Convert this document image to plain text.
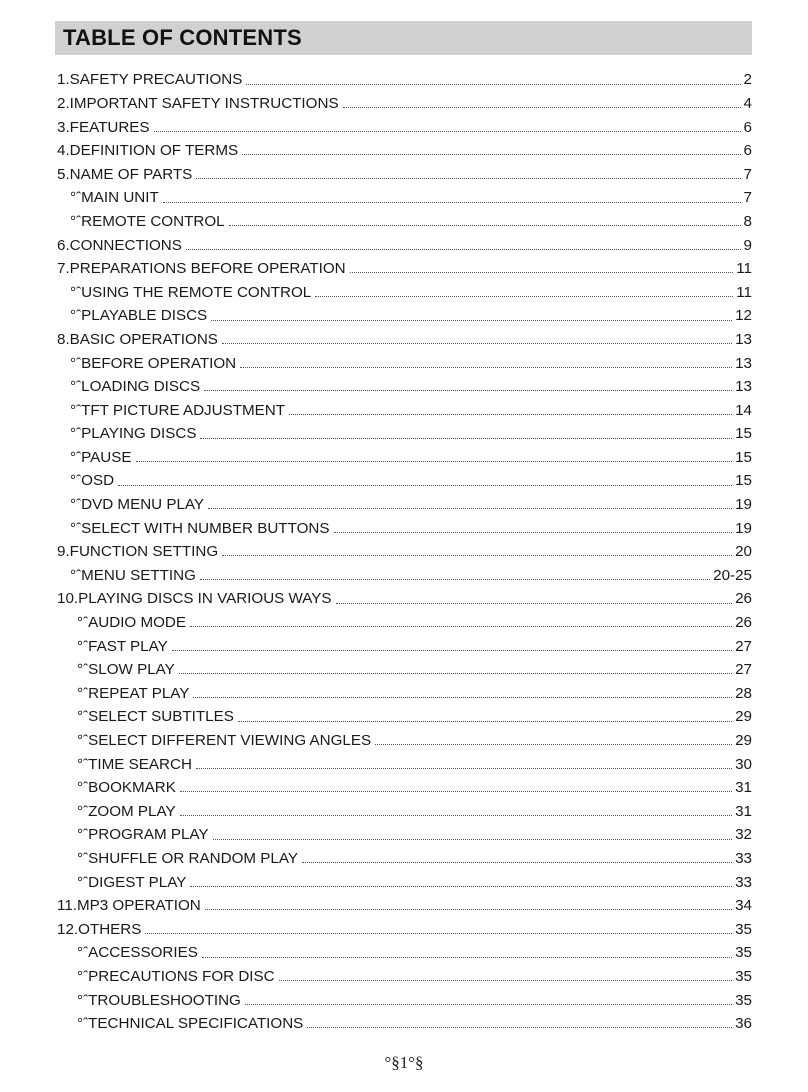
TABLE OF CONTENTS
1.SAFETY PRECAUTIONS	2
2.IMPORTANT SAFETY INSTRUCTIONS	4
3.FEATURES	6
4.DEFINITION OF TERMS	6
5.NAME OF PARTS	7
°ˆMAIN UNIT	7
°ˆREMOTE CONTROL	8
6.CONNECTIONS	9
7.PREPARATIONS BEFORE OPERATION	11
°ˆUSING THE REMOTE CONTROL	11
°ˆPLAYABLE DISCS	12
8.BASIC OPERATIONS	13
°ˆBEFORE OPERATION	13
°ˆLOADING DISCS	13
°ˆTFT PICTURE ADJUSTMENT	14
°ˆPLAYING DISCS	15
°ˆPAUSE	15
°ˆOSD	15
°ˆDVD MENU PLAY	19
°ˆSELECT WITH NUMBER BUTTONS	19
9.FUNCTION SETTING	20
°ˆMENU SETTING	20-25
10.PLAYING DISCS IN VARIOUS WAYS	26
°ˆAUDIO MODE	26
°ˆFAST PLAY	27
°ˆSLOW PLAY	27
°ˆREPEAT PLAY	28
°ˆSELECT SUBTITLES	29
°ˆSELECT DIFFERENT VIEWING ANGLES	29
°ˆTIME SEARCH	30
°ˆBOOKMARK	31
°ˆZOOM PLAY	31
°ˆPROGRAM PLAY	32
°ˆSHUFFLE OR RANDOM PLAY	33
°ˆDIGEST PLAY	33
11.MP3 OPERATION	34
12.OTHERS	35
°ˆACCESSORIES	35
°ˆPRECAUTIONS FOR DISC	35
°ˆTROUBLESHOOTING	35
°ˆTECHNICAL SPECIFICATIONS	36
°§1°§
